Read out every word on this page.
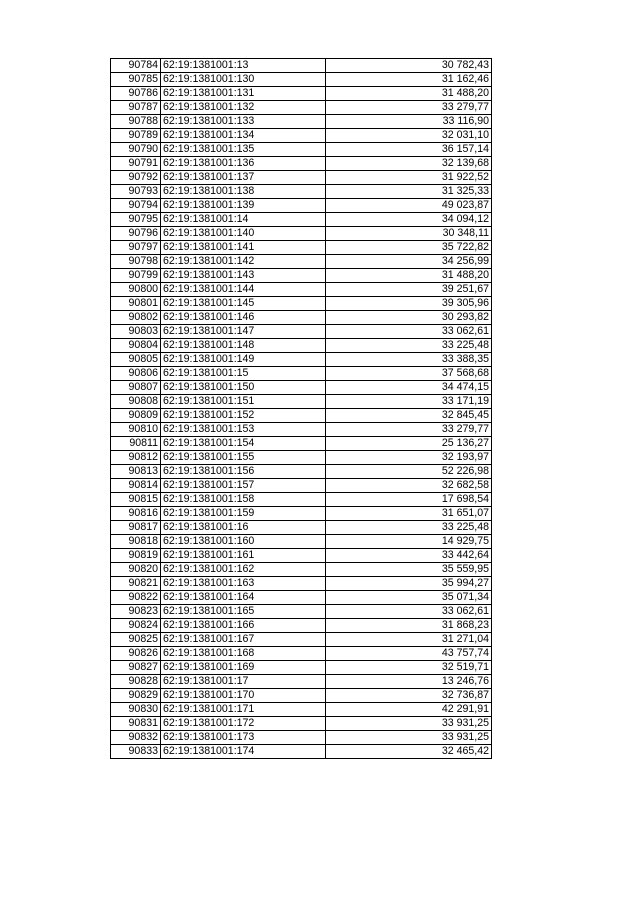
90784	62:19:1381001:13	30 782,43
90785	62:19:1381001:130	31 162,46
90786	62:19:1381001:131	31 488,20
90787	62:19:1381001:132	33 279,77
90788	62:19:1381001:133	33 116,90
90789	62:19:1381001:134	32 031,10
90790	62:19:1381001:135	36 157,14
90791	62:19:1381001:136	32 139,68
90792	62:19:1381001:137	31 922,52
90793	62:19:1381001:138	31 325,33
90794	62:19:1381001:139	49 023,87
90795	62:19:1381001:14	34 094,12
90796	62:19:1381001:140	30 348,11
90797	62:19:1381001:141	35 722,82
90798	62:19:1381001:142	34 256,99
90799	62:19:1381001:143	31 488,20
90800	62:19:1381001:144	39 251,67
90801	62:19:1381001:145	39 305,96
90802	62:19:1381001:146	30 293,82
90803	62:19:1381001:147	33 062,61
90804	62:19:1381001:148	33 225,48
90805	62:19:1381001:149	33 388,35
90806	62:19:1381001:15	37 568,68
90807	62:19:1381001:150	34 474,15
90808	62:19:1381001:151	33 171,19
90809	62:19:1381001:152	32 845,45
90810	62:19:1381001:153	33 279,77
90811	62:19:1381001:154	25 136,27
90812	62:19:1381001:155	32 193,97
90813	62:19:1381001:156	52 226,98
90814	62:19:1381001:157	32 682,58
90815	62:19:1381001:158	17 698,54
90816	62:19:1381001:159	31 651,07
90817	62:19:1381001:16	33 225,48
90818	62:19:1381001:160	14 929,75
90819	62:19:1381001:161	33 442,64
90820	62:19:1381001:162	35 559,95
90821	62:19:1381001:163	35 994,27
90822	62:19:1381001:164	35 071,34
90823	62:19:1381001:165	33 062,61
90824	62:19:1381001:166	31 868,23
90825	62:19:1381001:167	31 271,04
90826	62:19:1381001:168	43 757,74
90827	62:19:1381001:169	32 519,71
90828	62:19:1381001:17	13 246,76
90829	62:19:1381001:170	32 736,87
90830	62:19:1381001:171	42 291,91
90831	62:19:1381001:172	33 931,25
90832	62:19:1381001:173	33 931,25
90833	62:19:1381001:174	32 465,42
